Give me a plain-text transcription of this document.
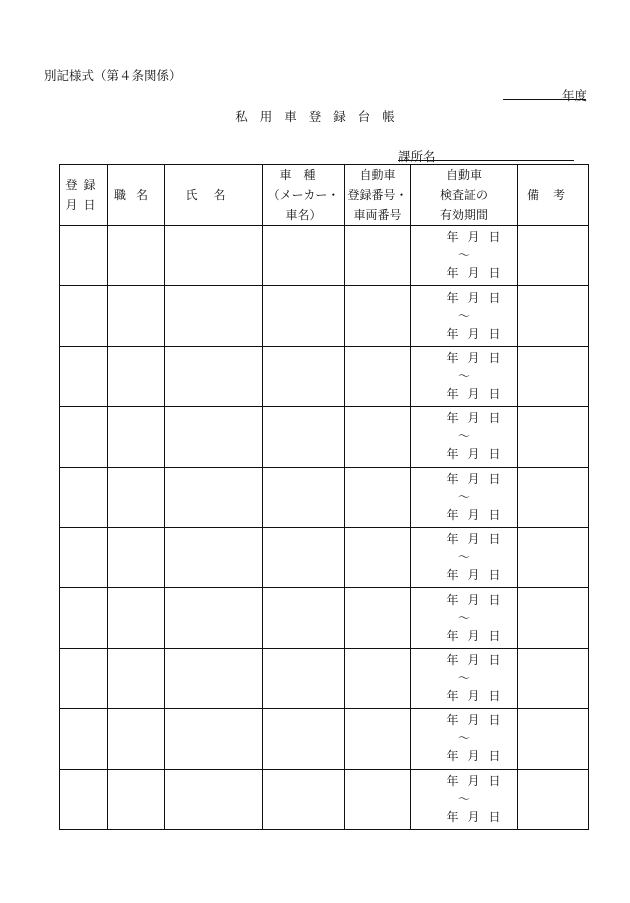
別記様式（第４条関係）
年度
私用車登録台帳
課所名
登録
月日	職名	氏名	車種
（メーカー・
車名）	自動車
登録番号・
車両番号	自動車
検査証の
有効期間	備考

					年月日
～
年月日	

					年月日
～
年月日	

					年月日
～
年月日	

					年月日
～
年月日	

					年月日
～
年月日	

					年月日
～
年月日	

					年月日
～
年月日	

					年月日
～
年月日	

					年月日
～
年月日	

					年月日
～
年月日	
